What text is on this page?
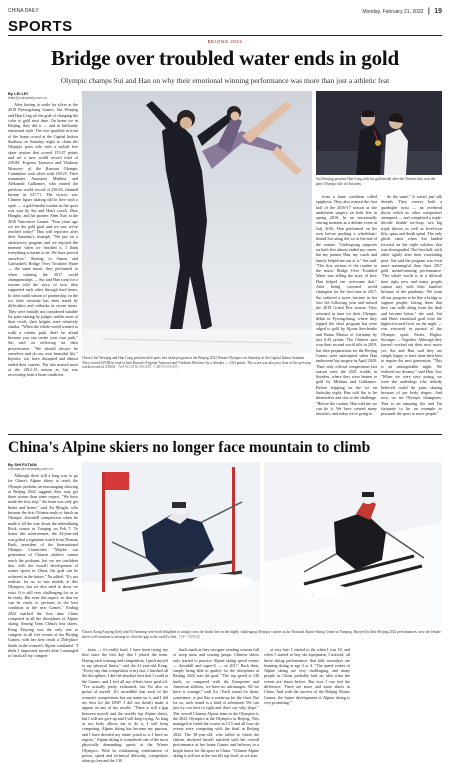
CHINA DAILY	Monday, February 21, 2022 | 19
SPORTS
BEIJING 2022
Bridge over troubled water ends in gold
Olympic champs Sui and Han on why their emotional winning performance was more than just a athletic feat
By LEI LEI
leilei@chinadaily.com.cn

After having to settle for silver at the 2018 Pyeongchang Games, Sui Wenjing and Han Cong set the goal of changing the color to gold next time. On home ice in Beijing, they did it — and in brilliantly emotional style. The two sparkled in front of the home crowd at the Capital Indoor Stadium on Saturday night to claim the Olympic pairs title with a stylish free skate routine that scored 155.47 points and set a new world record total of 239.88. Evgenia Tarasova and Vladimir Morozov of the Russian Olympic Committee took silver with 239.25. Their teammates Anastasia Mishina and Aleksandr Galliamov, who earned the previous world record of 239.03, claimed bronze in 237.71. The victory saw Chinese figure skating fall in love with a spirit — a gold-medal routine in the sport was won by Sui and Han's coach, Zhao Hongbo, and his partner, Shen Xue, at the 2010 Vancouver Games. "Four years ago we set the gold goal and we saw we've reached today!" Han told reporters after their Saturday's triumph. "We put on a satisfactory program and we enjoyed the moment when we finished it. I think everything is meant to be. We have proved ourselves." Skating to Simon and Garfunkel's Bridge Over Troubled Water — the same music they performed to when winning the 2017 world championships — Sui and Han went for a routine told the story of how they supported each other through hard times. In their ninth season of partnership on the ice, their certainty has been tested by difficulties and setbacks in recent times. They were initially not considered suitable for pairs skating by judges, unlike most of their rivals, their heights were relatively similar. "When the whole world wanted to walk a certain path, don't be afraid because you can create your own path," Sui said on reflecting on their perseverance. "We should always be ourselves and do our own beautiful life." Injuries, too, have disrupted and almost ended their careers. The duo missed most of the 2012-13 season as Sui was recovering from a bone condition.

from a bone condition called epiphysis. They also missed the first half of the 2016-17 season as she underwent surgery on both feet in spring 2016. In an emotionally stirring moment as a defiant event in July 2016, Han performed on his own before pushing a wheelchair-bound Sui along the ice at the end of the routine. "Undergoing surgeries on both feet almost ended my career, but my partner Han, my coach and family helped me out of it," Sui said. "The first version of the routine to the music Bridge Over Troubled Water was telling the story of how Han helped me overcome that." After being crowned world champion for the first time in 2017, Sui suffered a stress fracture in her foot the following year and missed the 2018 Grand Prix season. They returned in time for their Olympic debut in Pyeongchang, where they topped the short program but were edged to gold by Aljona Savchenko and Bruno Massot of Germany by just 0.43 points. The Chinese pair won their second world title in 2019, but their preparations for the Beijing Games were interrupted when Han underwent hip surgery in April 2020. Their only official competitions last season were the 2021 worlds in Sweden, where they were beaten to gold by Mishina and Galliamov. Before stepping on the ice on Saturday night, Han told Sui to be themselves and rise to the challenge. "Before the routine, Han told me we can do it. We have created many miracles, and today we're going to

Sui Wenjing presents Han Cong with his gold medal after the Chinese duo won the pairs Olympic title on Saturday.

do the same." It wasn't just silk threads. They convey both a quadruple twist — an overhead throw which no other competitors attempted — and completed a triple-throttle double toe-loop, two big triple throws as well as level-four lifts, spins and death spiral. The only glitch came when Sui landed forward on the triple salchow that was downgraded. The first half, each other tightly after their concluding pose. Sui said the program was even more meaningful than their 2017 gold medal-winning performance. "The whole world is in a difficult time right now and many people cannot stay with their families because of the pandemic. We want all our program to be like a bridge to support people, letting them that they can walk along from the dark and become better," she said. Sui and Han's emotional goal were the highest-scored twist on the night — was executed in pursuit of the Olympic spirit: Faster, Higher, Stronger — Together. Although they haven't worked out their next move yet, Sui and Han said they are simply happy to have done their best to inspire the next generation. "This is an unforgettable night. We realized our dreams," said Han. Sui: "When we were very young, we were the underdogs who nobody believed could do pairs skating because of our body shapes. And now, we are Olympic champions. This is an amazing life and I'm fortunate to be an example to persuade the sport to more people."

China's Sui Wenjing and Han Cong perform their pairs free skate program at the Beijing 2022 Winter Olympics on Saturday at the Capital Indoor Stadium. They scored 239.88 in total to beat Russia's Evgenia Tarasova and Vladimir Morozov by a whisker — 0.63 points. The score was also just clear of the previous world record of 239.03. [WANG ZHUANGFEI / CHINA DAILY]
China's Alpine skiers no longer face mountain to climb
By SHI FUTIAN
shifutian@chinadaily.com.cn

Although there still a long way to go for China's Alpine skiers to reach the Olympic podium, an encouraging showing at Beijing 2022 suggests they may get there sooner than some expect. "We have made the first step," the team was only get better and better," said Xu Mingfu, who became the first Chinese male to finish an Olympic downhill competition when he made it all the way down the intimidating Rock course in Yanqing on Feb 7. To honor this achievement, the 24-year-old was gifted a signature watch from Thomas Bach, president of the International Olympic Committee. "Maybe our generation of Chinese athletes cannot reach the podiums, but we are confident that, with the overall development of winter sports in China, the goal can be achieved in the future," Xu added. "It's not realistic for us to win medals at this Olympics, but we also need to show we exist. It is still very challenging for us to be ready. But even this aspect, so that we can be ready to perform in the best condition at the next Games." Ending 2022 marked the first time China competed in all the disciplines of Alpine skiing. Among Team China's four skiers, Kong Fanying was the only one to compete in all five events of the Beijing Games, with her best result a 35th-place finish in the women's Alpine combined. "I think I impressed myself after I managed to finish all my competi-

China's Kong Fanying (left) and Ni Yueming were both delighted to simply cross the finish line on the highly challenging Olympic courses at the National Alpine Skiing Centre in Yanqing. Buoyed by their Beijing 2022 performances, now the female skiers will continue to attempt to close the gap to the world's elite. [AP / CHINA]

tions — it's really hard. I have been trying my best since the first day that I joined the team. During each training and competition, I push myself to my physical limits," said the 21-year-old Kong. "Every day that competition is my last. I finished all the disciplines. I did the absolute best that I could at the Games, and I feel all my efforts have paid off. "I've actually pretty exhausted, but I'm also so proud of myself. It's incredible that each of the women's competitions has my name on it, and I did my best for the DNF! I did not finish) make it appear on any of my results. "There is still a gap between myself and the world's top Alpine skiers, but I will not give up and I will keep trying. As long as my body allows me to do it, I will keep competing. Alpine skiing has become my passion, and I have devoted my entire youth to it. I have no regrets." Alpine skiing is considered one of the most physically demanding sports at the Winter Olympics. With its exhilarating combination of power, speed and technical difficulty, competitors often go beyond the 130

km/h mark as they navigate winding courses full of steep turns and soaring jumps. Chinese skiers only started to practice Alpine skiing speed events — downhill and super-G — in 2017. Back then, simply being able to qualify for the disciplines at Beijing 2022 was the goal. "The top speed is 140 km/h, so compared with the Europeans and American athletes, we have no advantages. All we have is courage," said Xu. "Each round for them, sometimes, is just like a warm-up for the final. But for us, each round is a kind of adventure. We can just try our best to fight and don't say why slope." The overall Chinese Alpine team at the Olympics is the 2022 Olympics at the Olympics in Beijing. This managed to finish the course in 15.5 and all four ski events were competing with the final in Beijing 2022. The 38-year-old, who failed to finish the slalom, declared herself satisfied with her overall performance at her home Games and believes in a bright future for the sport in China. "Chinese Alpine skiing is still not at the world's top level, as we start

at very late. I started to ski when I was 10, and when I started to buy ski equipment, I noticed, all those skiing performance, that kids nowadays are learning skiing at age 3 or 4. "The speed events of Alpine skiing are very challenging, and many people in China probably had no idea what the events are about before. But now I can feel the difference. There are more and more skiers in China. And with the success of the Beijing Winter Games, the future development of Alpine skiing is very promising."
